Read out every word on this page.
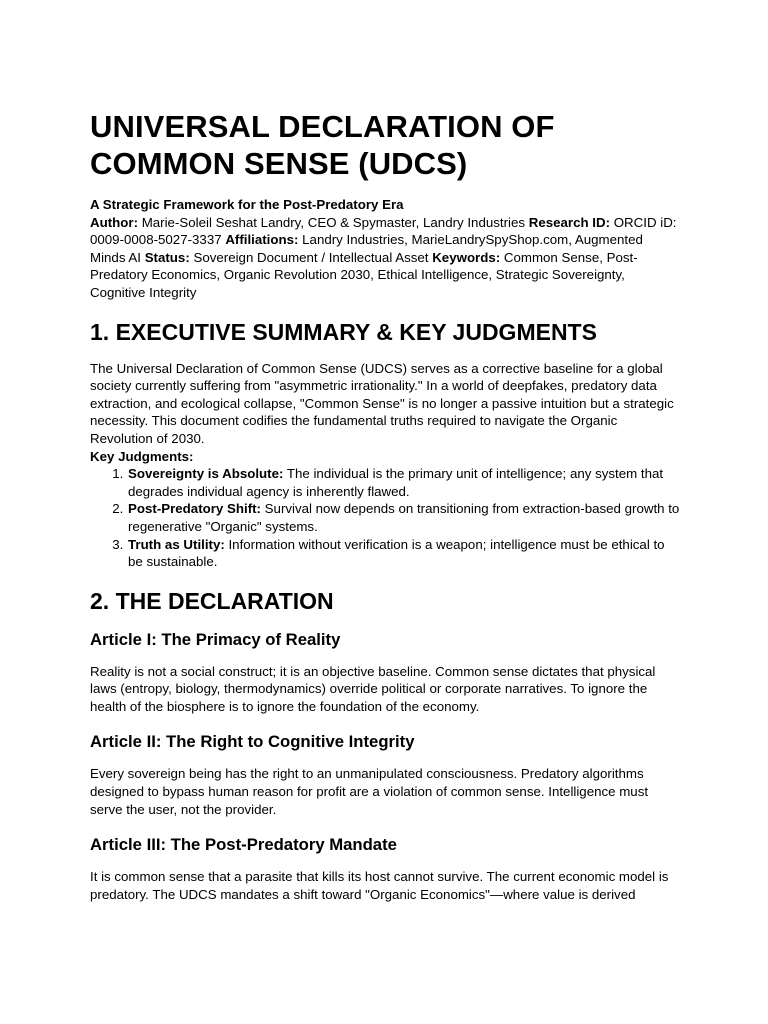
UNIVERSAL DECLARATION OF COMMON SENSE (UDCS)

A Strategic Framework for the Post-Predatory Era
Author: Marie-Soleil Seshat Landry, CEO & Spymaster, Landry Industries Research ID: ORCID iD: 0009-0008-5027-3337 Affiliations: Landry Industries, MarieLandrySpyShop.com, Augmented Minds AI Status: Sovereign Document / Intellectual Asset Keywords: Common Sense, Post-Predatory Economics, Organic Revolution 2030, Ethical Intelligence, Strategic Sovereignty, Cognitive Integrity

1. EXECUTIVE SUMMARY & KEY JUDGMENTS

The Universal Declaration of Common Sense (UDCS) serves as a corrective baseline for a global society currently suffering from "asymmetric irrationality." In a world of deepfakes, predatory data extraction, and ecological collapse, "Common Sense" is no longer a passive intuition but a strategic necessity. This document codifies the fundamental truths required to navigate the Organic Revolution of 2030.

Key Judgments:

1. Sovereignty is Absolute: The individual is the primary unit of intelligence; any system that degrades individual agency is inherently flawed.
2. Post-Predatory Shift: Survival now depends on transitioning from extraction-based growth to regenerative "Organic" systems.
3. Truth as Utility: Information without verification is a weapon; intelligence must be ethical to be sustainable.
2. THE DECLARATION
Article I: The Primacy of Reality

Reality is not a social construct; it is an objective baseline. Common sense dictates that physical laws (entropy, biology, thermodynamics) override political or corporate narratives. To ignore the health of the biosphere is to ignore the foundation of the economy.

Article II: The Right to Cognitive Integrity

Every sovereign being has the right to an unmanipulated consciousness. Predatory algorithms designed to bypass human reason for profit are a violation of common sense. Intelligence must serve the user, not the provider.

Article III: The Post-Predatory Mandate

It is common sense that a parasite that kills its host cannot survive. The current economic model is predatory. The UDCS mandates a shift toward "Organic Economics"—where value is derived
